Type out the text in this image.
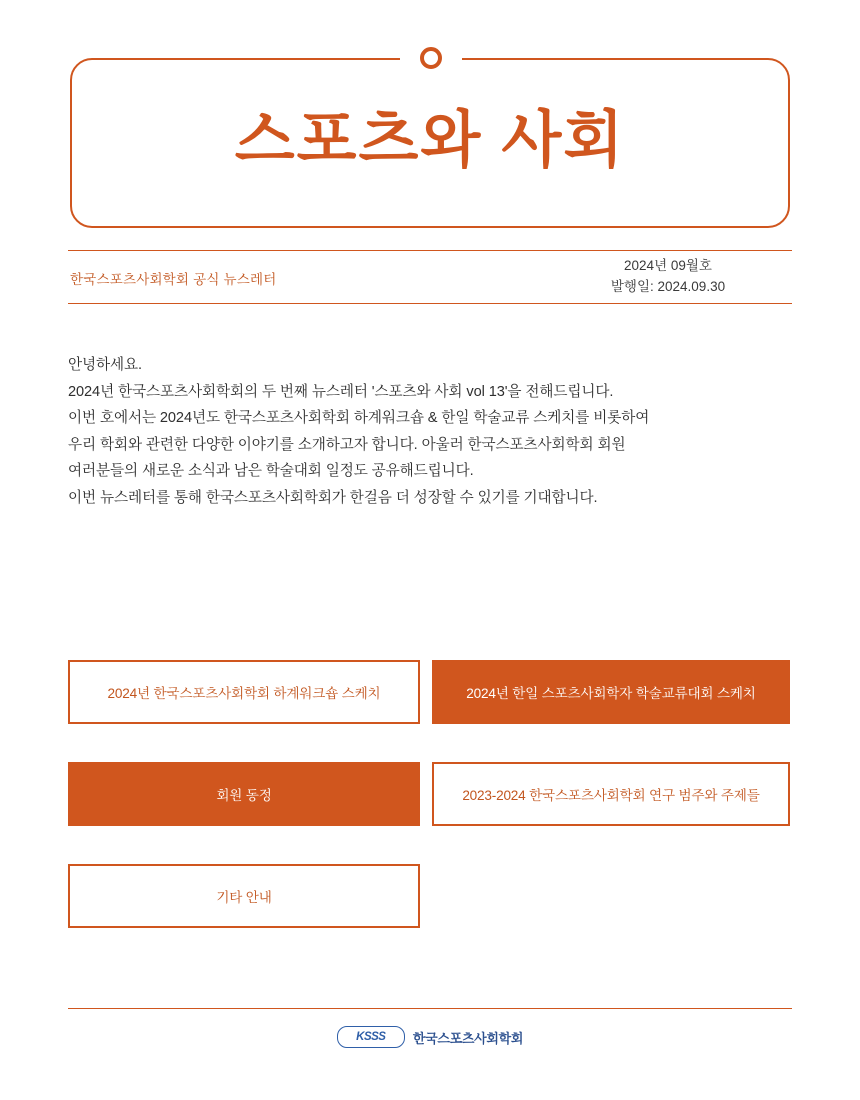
스포츠와 사회
한국스포츠사회학회 공식 뉴스레터
2024년 09월호
발행일: 2024.09.30
안녕하세요.
2024년 한국스포츠사회학회의 두 번째 뉴스레터 '스포츠와 사회 vol 13'을 전해드립니다.
이번 호에서는 2024년도 한국스포츠사회학회 하계워크숍 & 한일 학술교류 스케치를 비롯하여
우리 학회와 관련한 다양한 이야기를 소개하고자 합니다. 아울러 한국스포츠사회학회 회원
여러분들의 새로운 소식과 남은 학술대회 일정도 공유해드립니다.
이번 뉴스레터를 통해 한국스포츠사회학회가 한걸음 더 성장할 수 있기를 기대합니다.
2024년 한국스포츠사회학회 하계워크숍 스케치	2024년 한일 스포츠사회학자 학술교류대회 스케치
회원 동정	2023-2024 한국스포츠사회학회 연구 범주와 주제들
기타 안내
KSSS	한국스포츠사회학회
